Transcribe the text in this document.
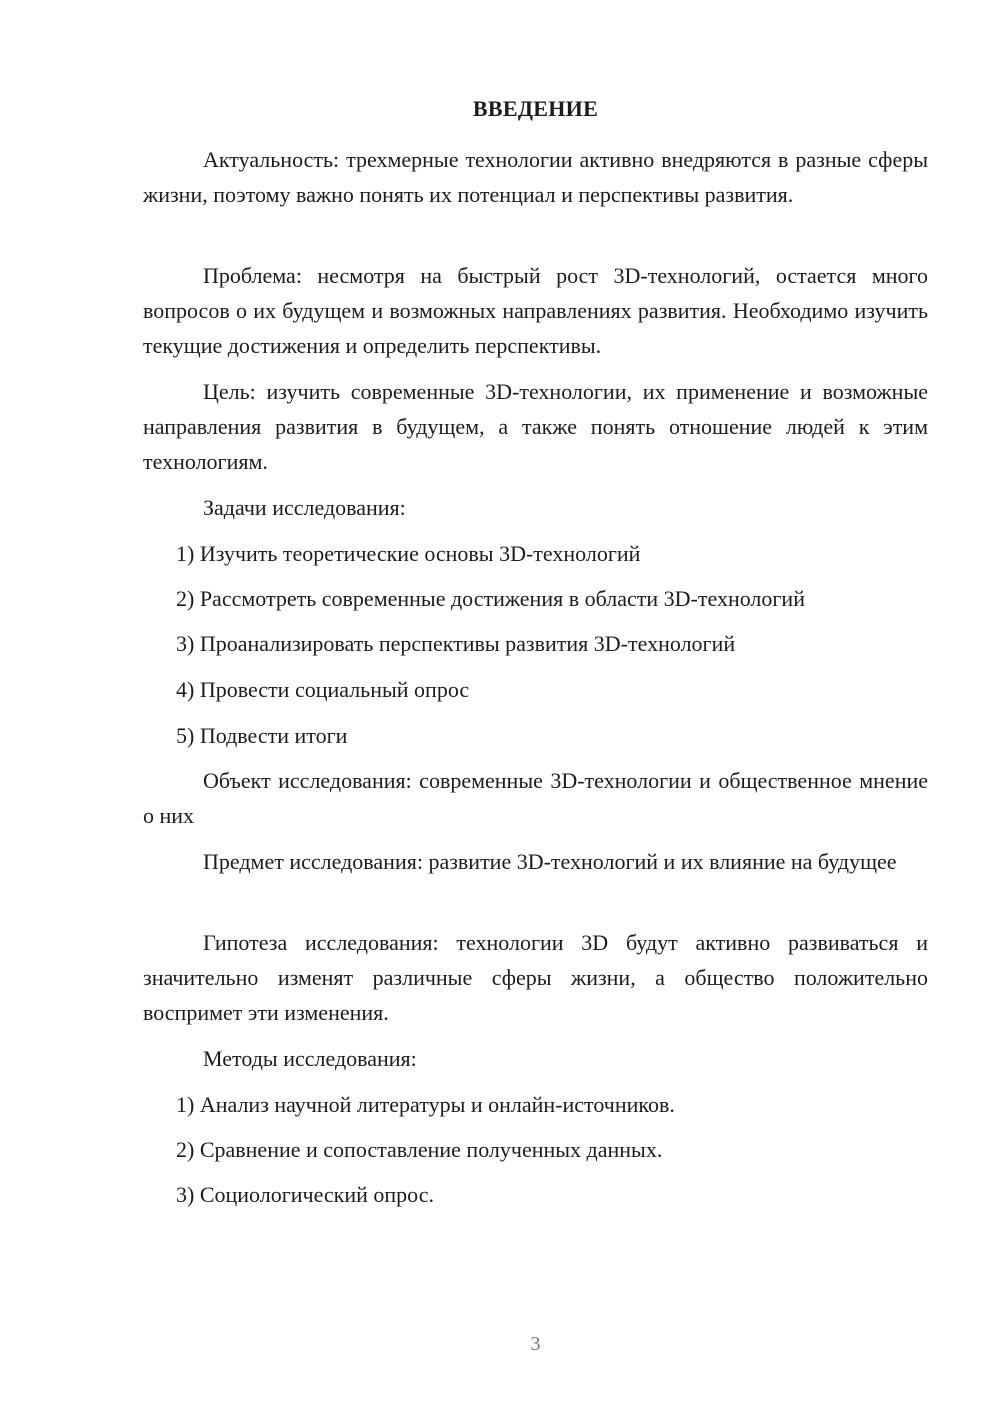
ВВЕДЕНИЕ

Актуальность: трехмерные технологии активно внедряются в разные сферы жизни, поэтому важно понять их потенциал и перспективы развития.

Проблема: несмотря на быстрый рост 3D-технологий, остается много вопросов о их будущем и возможных направлениях развития. Необходимо изучить текущие достижения и определить перспективы.

Цель: изучить современные 3D-технологии, их применение и возможные направления развития в будущем, а также понять отношение людей к этим технологиям.

Задачи исследования:

1) Изучить теоретические основы 3D-технологий
2) Рассмотреть современные достижения в области 3D-технологий
3) Проанализировать перспективы развития 3D-технологий
4) Провести социальный опрос
5) Подвести итоги

Объект исследования: современные 3D-технологии и общественное мнение о них

Предмет исследования: развитие 3D-технологий и их влияние на будущее

Гипотеза исследования: технологии 3D будут активно развиваться и значительно изменят различные сферы жизни, а общество положительно воспримет эти изменения.

Методы исследования:

1) Анализ научной литературы и онлайн-источников.
2) Сравнение и сопоставление полученных данных.
3) Социологический опрос.
3
